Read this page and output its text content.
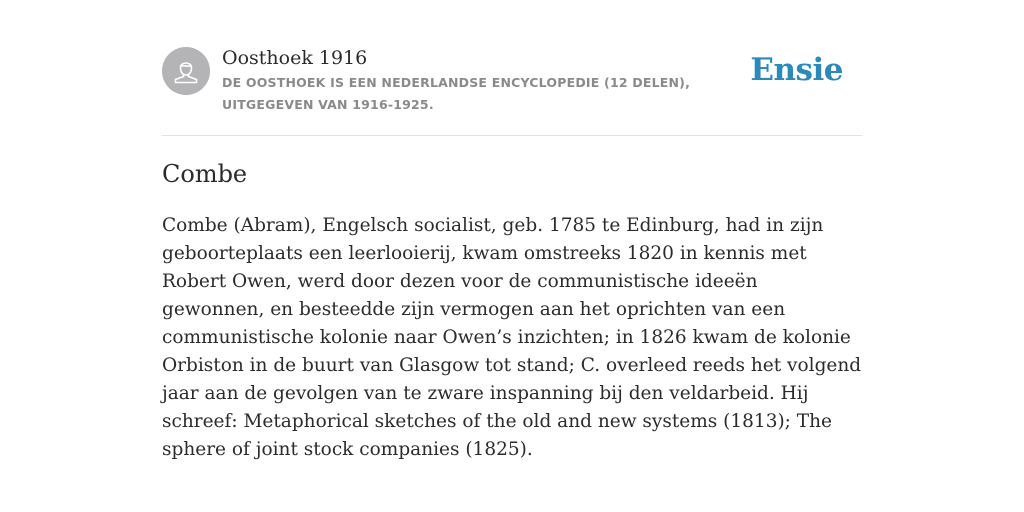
Oosthoek 1916
DE OOSTHOEK IS EEN NEDERLANDSE ENCYCLOPEDIE (12 DELEN), UITGEGEVEN VAN 1916-1925.
Ensie
Combe
Combe (Abram), Engelsch socialist, geb. 1785 te Edinburg, had in zijn geboorteplaats een leerlooierij, kwam omstreeks 1820 in kennis met Robert Owen, werd door dezen voor de communistische ideeën gewonnen, en besteedde zijn vermogen aan het oprichten van een communistische kolonie naar Owen’s inzichten; in 1826 kwam de kolonie Orbiston in de buurt van Glasgow tot stand; C. overleed reeds het volgend jaar aan de gevolgen van te zware inspanning bij den veldarbeid. Hij schreef: Metaphorical sketches of the old and new systems (1813); The sphere of joint stock companies (1825).
